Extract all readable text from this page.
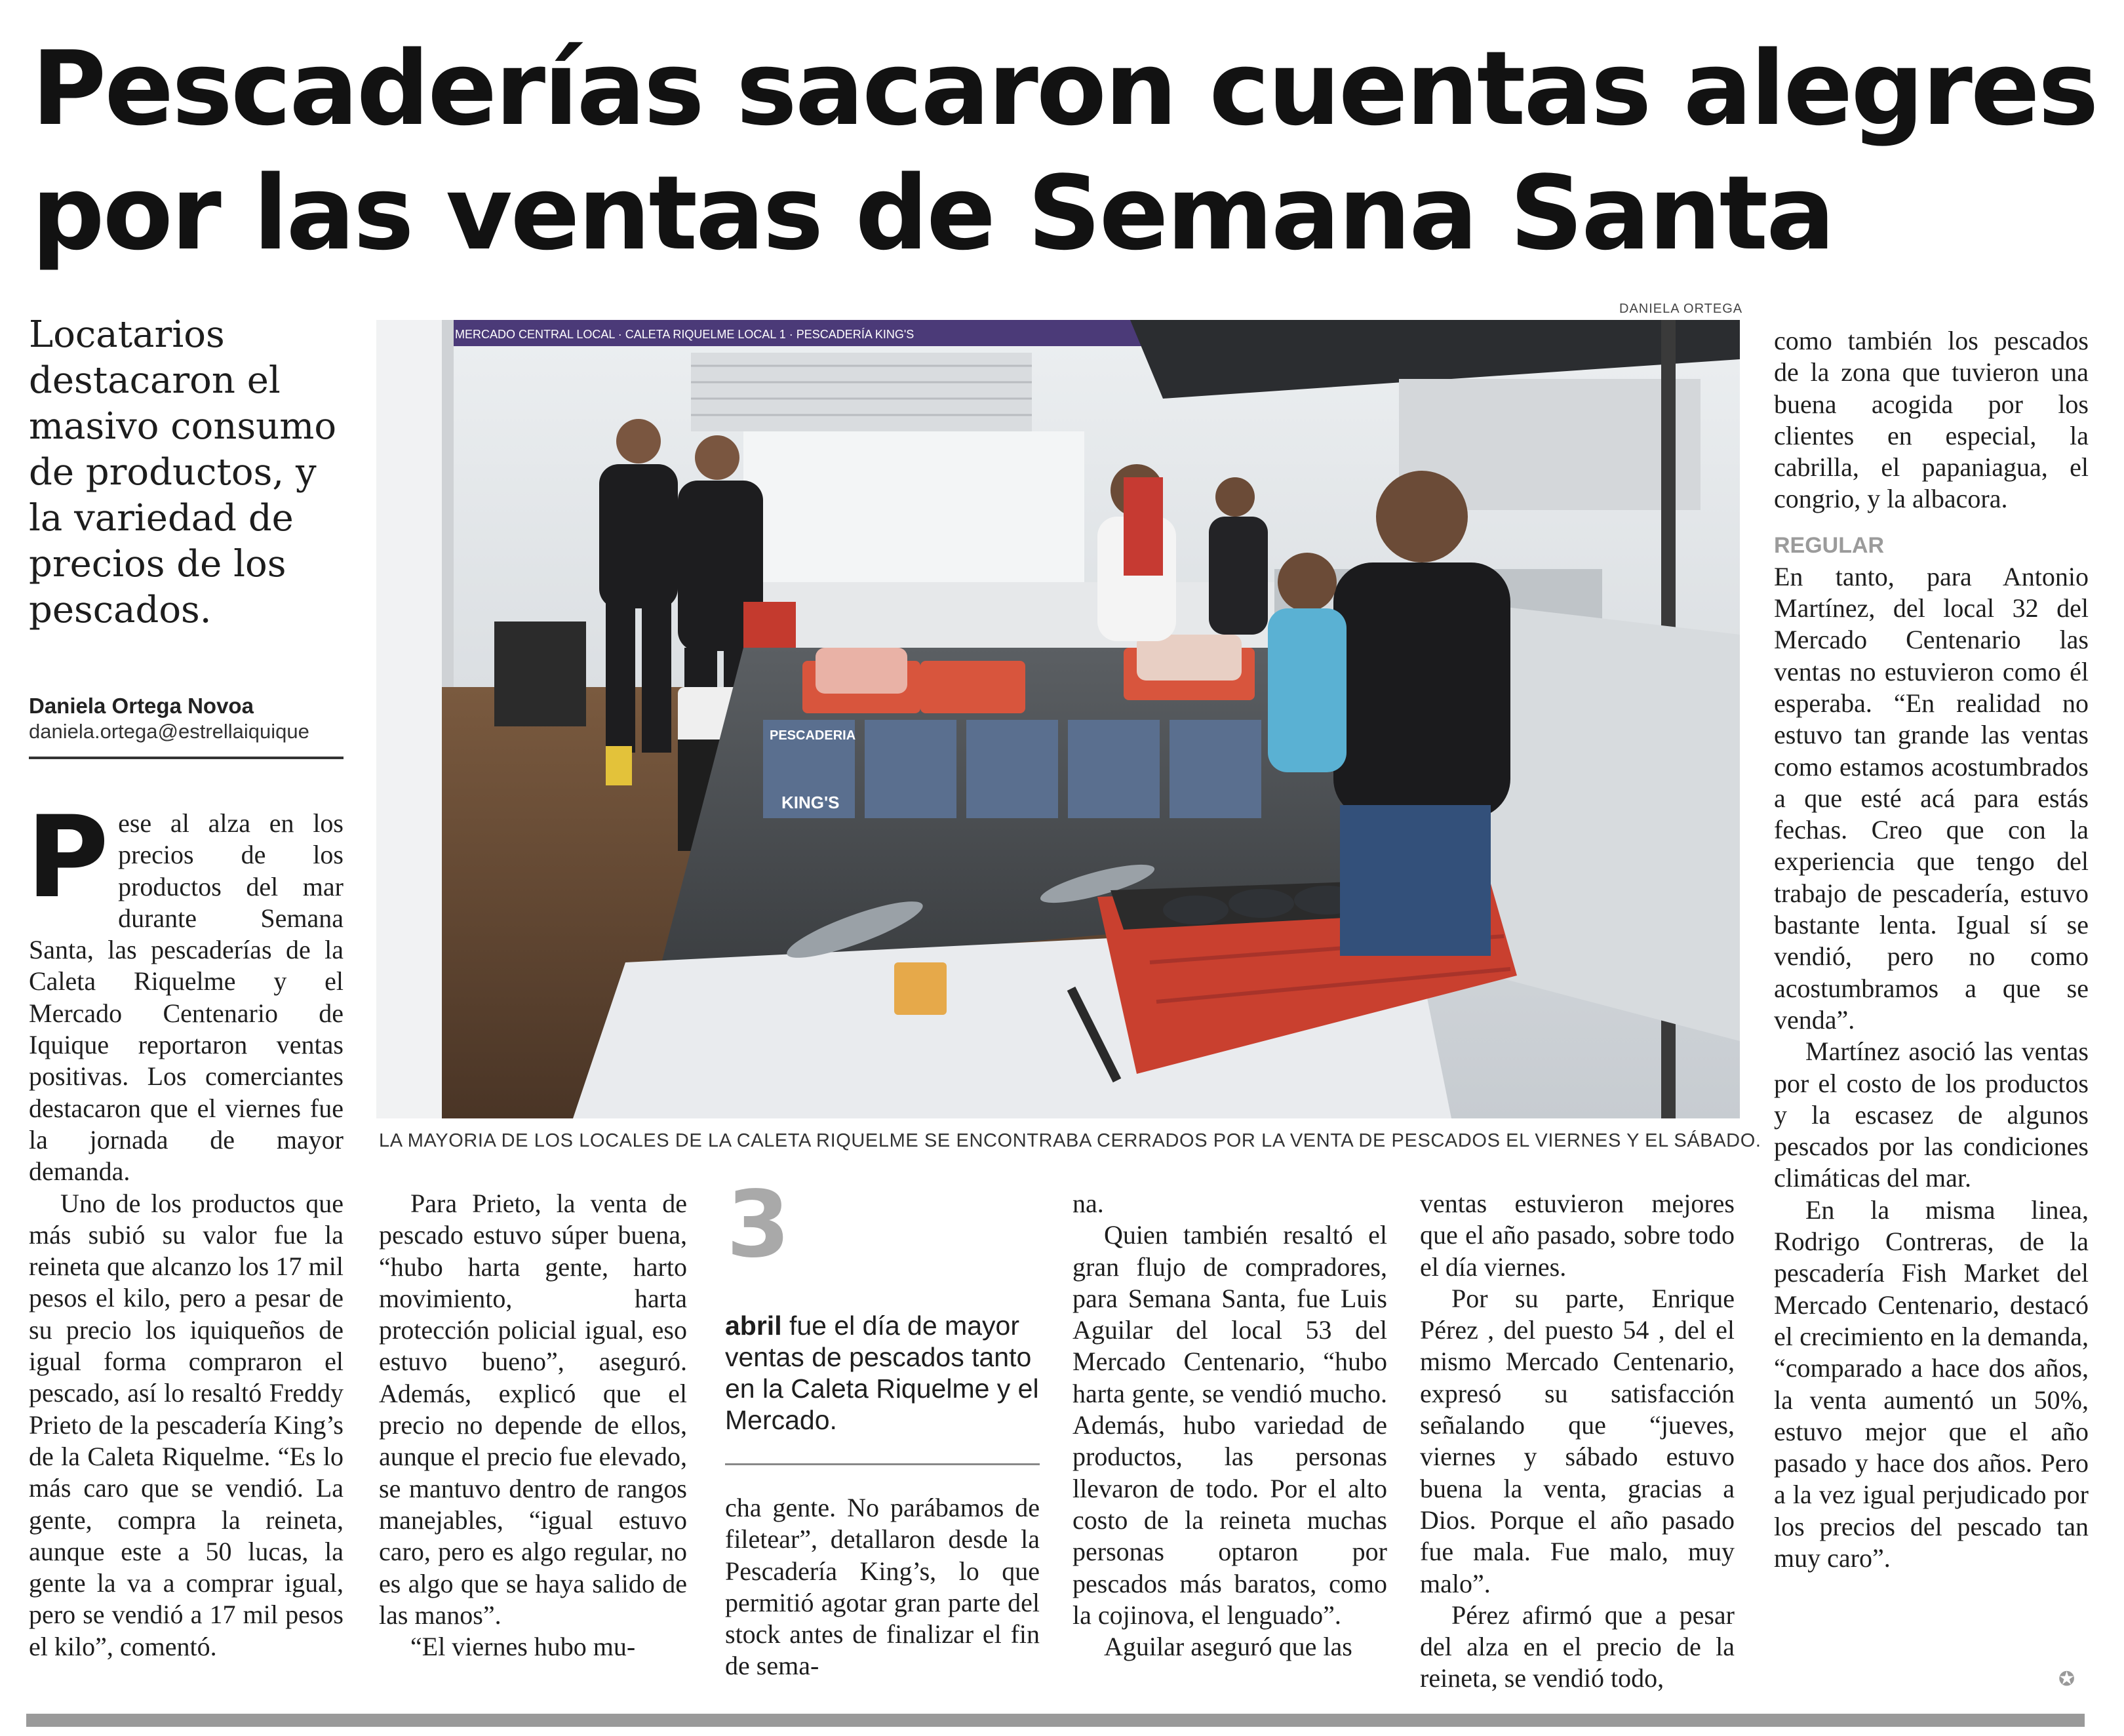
Pescaderías sacaron cuentas alegres
por las ventas de Semana Santa
Locatarios
destacaron el
masivo consumo
de productos, y
la variedad de
precios de los
pescados.
Daniela Ortega Novoa
daniela.ortega@estrellaiquique
DANIELA ORTEGA
MERCADO CENTRAL LOCAL · CALETA RIQUELME LOCAL 1 · PESCADERÍA KING'S
PESCADERIA
KING'S
LA MAYORIA DE LOS LOCALES DE LA CALETA RIQUELME SE ENCONTRABA CERRADOS POR LA VENTA DE PESCADOS EL VIERNES Y EL SÁBADO.

Pese al alza en los precios de los productos del mar durante Semana Santa, las pescaderías de la Caleta Riquelme y el Mercado Centenario de Iquique reportaron ventas positivas. Los comerciantes destacaron que el viernes fue la jornada de mayor demanda.

Uno de los productos que más subió su valor fue la reineta que alcanzo los 17 mil pesos el kilo, pero a pesar de su precio los iquiqueños de igual forma compraron el pescado, así lo resaltó Freddy Prieto de la pescadería King’s de la Caleta Riquelme. “Es lo más caro que se vendió. La gente, compra la reineta, aunque este a 50 lucas, la gente la va a comprar igual, pero se vendió a 17 mil pesos el kilo”, comentó.

Para Prieto, la venta de pescado estuvo súper buena, “hubo harta gente, harto movimiento, harta protección policial igual, eso estuvo bueno”, aseguró. Además, explicó que el precio no depende de ellos, aunque el precio fue elevado, se mantuvo dentro de rangos manejables, “igual estuvo caro, pero es algo regular, no es algo que se haya salido de las manos”.

“El viernes hubo mu-

3
abril fue el día de mayor ventas de pescados tanto en la Caleta Riquelme y el Mercado.

cha gente. No parábamos de filetear”, detallaron desde la Pescadería King’s, lo que permitió agotar gran parte del stock antes de finalizar el fin de sema-

na.

Quien también resaltó el gran flujo de compradores, para Semana Santa, fue Luis Aguilar del local 53 del Mercado Centenario, “hubo harta gente, se vendió mucho. Además, hubo variedad de productos, las personas llevaron de todo. Por el alto costo de la reineta muchas personas optaron por pescados más baratos, como la cojinova, el lenguado”.

Aguilar aseguró que las

ventas estuvieron mejores que el año pasado, sobre todo el día viernes.

Por su parte, Enrique Pérez , del puesto 54 , del el mismo Mercado Centenario, expresó su satisfacción señalando que “jueves, viernes y sábado estuvo buena la venta, gracias a Dios. Porque el año pasado fue mala. Fue malo, muy malo”.

Pérez afirmó que a pesar del alza en el precio de la reineta, se vendió todo,

como también los pescados de la zona que tuvieron una buena acogida por los clientes en especial, la cabrilla, el papaniagua, el congrio, y la albacora.

REGULAR

En tanto, para Antonio Martínez, del local 32 del Mercado Centenario las ventas no estuvieron como él esperaba. “En realidad no estuvo tan grande las ventas como estamos acostumbrados a que esté acá para estás fechas. Creo que con la experiencia que tengo del trabajo de pescadería, estuvo bastante lenta. Igual sí se vendió, pero no como acostumbramos a que se venda”.

Martínez asoció las ventas por el costo de los productos y la escasez de algunos pescados por las condiciones climáticas del mar.

En la misma linea, Rodrigo Contreras, de la pescadería Fish Market del Mercado Centenario, destacó el crecimiento en la demanda, “comparado a hace dos años, la venta aumentó un 50%, estuvo mejor que el año pasado y hace dos años. Pero a la vez igual perjudicado por los precios del pescado tan muy caro”.

✪
